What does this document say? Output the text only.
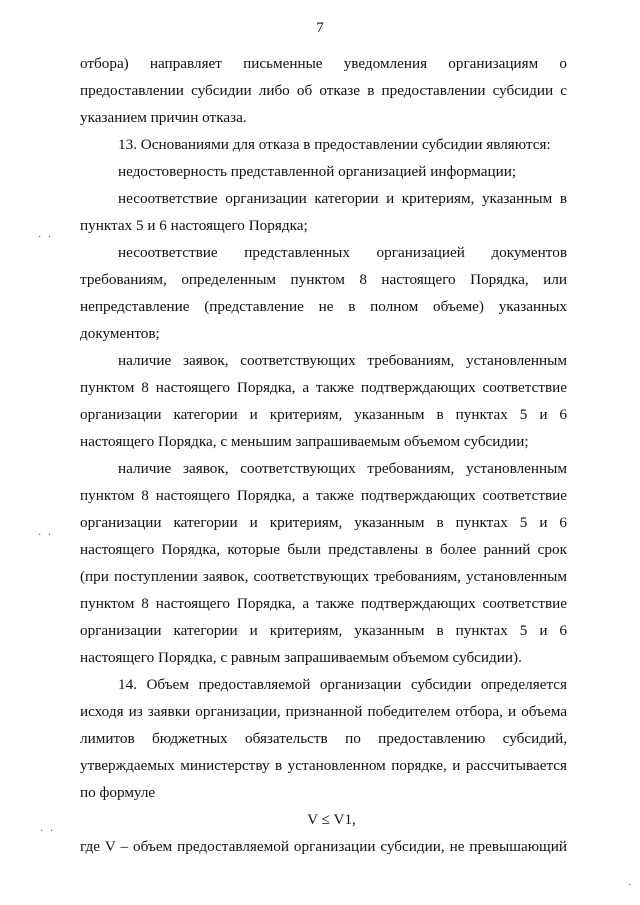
7
· ·
· ·
· ·
·
отбора) направляет письменные уведомления организациям о
предоставлении субсидии либо об отказе в предоставлении субсидии с
указанием причин отказа.
13. Основаниями для отказа в предоставлении субсидии являются:
недостоверность представленной организацией информации;
несоответствие организации категории и критериям, указанным в
пунктах 5 и 6 настоящего Порядка;
несоответствие представленных организацией документов
требованиям, определенным пунктом 8 настоящего Порядка, или
непредставление (представление не в полном объеме) указанных
документов;
наличие заявок, соответствующих требованиям, установленным
пунктом 8 настоящего Порядка, а также подтверждающих соответствие
организации категории и критериям, указанным в пунктах 5 и 6
настоящего Порядка, с меньшим запрашиваемым объемом субсидии;
наличие заявок, соответствующих требованиям, установленным
пунктом 8 настоящего Порядка, а также подтверждающих соответствие
организации категории и критериям, указанным в пунктах 5 и 6
настоящего Порядка, которые были представлены в более ранний срок
(при поступлении заявок, соответствующих требованиям, установленным
пунктом 8 настоящего Порядка, а также подтверждающих соответствие
организации категории и критериям, указанным в пунктах 5 и 6
настоящего Порядка, с равным запрашиваемым объемом субсидии).
14. Объем предоставляемой организации субсидии определяется
исходя из заявки организации, признанной победителем отбора, и объема
лимитов бюджетных обязательств по предоставлению субсидий,
утверждаемых министерству в установленном порядке, и рассчитывается
по формуле
V ≤ V1,
где V – объем предоставляемой организации субсидии, не превышающий
